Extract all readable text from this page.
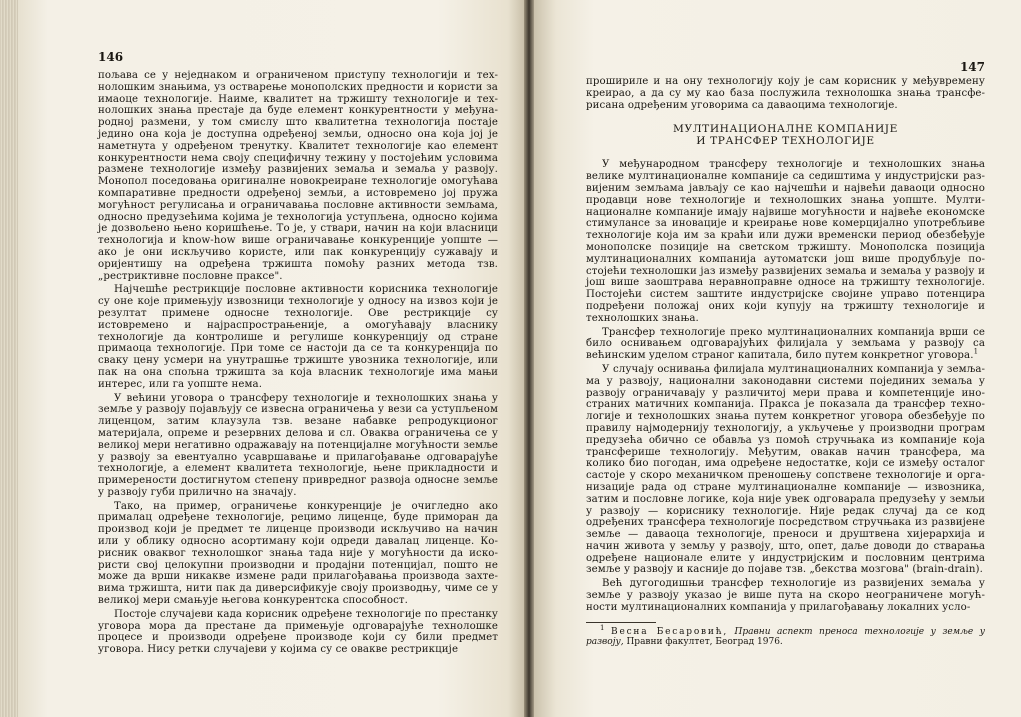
146

пољава се у неједнаком и ограниченом приступу технологији и технолошким знањима, уз остварење монополских предности и користи за имаоце технологије. Наиме, квалитет на тржишту технологије и технолошких знања престаје да буде елемент конкурентности у међународној размени, у том смислу што квалитетна технологија постаје једино она која је доступна одређеној земљи, односно она која јој је наметнута у одређеном тренутку. Квалитет технологије као елемент конкурентности нема своју специфичну тежину у постојећим условима размене технологије између развијених земаља и земаља у развоју. Монопол поседовања оригиналне новокреиране технологије омогућава компаративне предности одређеној земљи, а истовремено јој пружа могућност регулисања и ограничавања пословне активности земљама, односно предузећима којима је технологија уступљена, односно којима је дозвољено њено коришћење. То је, у ствари, начин на који власници технологија и know-how више ограничавање конкуренције уопште — ако је они искључиво користе, или пак конкуренцију сужавају и оријентишу на одређена тржишта помоћу разних метода тзв. „рестриктивне пословне праксе".

Најчешће рестрикције пословне активности корисника технологије су оне које примењују извозници технологије у односу на извоз који је резултат примене односне технологије. Ове рестрикције су истовремено и најраспрострањеније, а омогућавају власнику технологије да контролише и регулише конкуренцију од стране примаоца технологије. При томе се настоји да се та конкуренција по сваку цену усмери на унутрашње тржиште увозника технологије, или пак на она спољна тржишта за која власник технологије има мањи интерес, или га уопште нема.

У већини уговора о трансферу технологије и технолошких знања у земље у развоју појављују се извесна ограничења у вези са уступљеном лиценцом, затим клаузула тзв. везане набавке репродукционог материјала, опреме и резервних делова и сл. Оваква ограничења се у великој мери негативно одражавају на потенцијалне могућности земље у развоју за евентуално усавршавање и прилагођавање одговарајуће технологије, а елемент квалитета технологије, њене прикладности и примерености достигнутом степену привредног развоја односне земље у развоју губи прилично на значају.

Тако, на пример, ограничење конкуренције је очигледно ако прималац одређене технологије, рецимо лиценце, буде приморан да производ који је предмет те лиценце производи искључиво на начин или у облику односно асортиману који одреди давалац лиценце. Корисник оваквог технолошког знања тада није у могућности да искористи свој целокупни производни и продајни потенцијал, пошто не може да врши никакве измене ради прилагођавања производа захтевима тржишта, нити пак да диверсификује свoју производњу, чиме се у великој мери смањује његова конкурентска способност.

Постоје случајеви када корисник одређене технологије по престанку уговора мора да престане да примењује одговарајуће технолошке процесе и производи одређене производе који су били предмет уговора. Нису ретки случајеви у којима су се овакве рестрикције

147

прошириле и на ону технологију коју је сам корисник у међувремену креирао, а да су му као база послужила технолошка знања трансферисана одређеним уговорима са даваоцима технологије.

МУЛТИНАЦИОНАЛНЕ КОМПАНИЈЕ
И ТРАНСФЕР ТЕХНОЛОГИЈЕ

У међународном трансферу технологије и технолошких знања велике мултинационалне компаније са седиштима у индустријски развијеним земљама јављају се као најчешћи и највећи даваоци односно продавци нове технологије и технолошких знања уопште. Мултинационалне компаније имају највише могућности и највеће економске стимулансе за иновације и креирање нове комерцијално употребљиве технологије која им за краћи или дужи временски период обезбеђује монополске позиције на светском тржишту. Монополска позиција мултинационалних компанија аутоматски још више продубљује постојећи технолошки јаз између развијених земаља и земаља у развоју и још више заоштрава неравноправне односе на тржишту технологије. Постојећи систем заштите индустријске својине управо потенцира подређени положај оних који купују на тржишту технологије и технолошких знања.

Трансфер технологије преко мултинационалних компанија врши се било оснивањем одговарајућих филијала у земљама у развоју са већинским уделом страног капитала, било путем конкретног уговора.$^1$

У случају оснивања филијала мултинационалних компанија у земљама у развоју, национални законодавни системи појединих земаља у развоју ограничавају у различитој мери права и компетенције иностраних матичних компанија. Пракса је показала да трансфер технологије и технолошких знања путем конкретног уговора обезбеђује по правилу најмодернију технологију, а укључење у производни програм предузећа обично се обавља уз помоћ стручњака из компаније која трансферише технологију. Међутим, овакав начин трансфера, ма колико био погодан, има одређене недостатке, који се између осталог састоје у скоро механичком преношењу сопствене технологије и организације рада од стране мултинационалне компаније — извозника, затим и пословне логике, која није увек одговарала предузећу у земљи у развоју — кориснику технологије. Није редак случај да се код одређених трансфера технологије посредством стручњака из развијене земље — даваоца технологије, преноси и друштвена хијерархија и начин живота у земљу у развоју, што, опет, даље доводи до стварања одређене национале елите у индустријским и пословним центрима земље у развоју и касније до појаве тзв. „бекства мозгова" (brain-drain).

Већ дугогодишњи трансфер технологије из развијених земаља у земље у развоју указао је више пута на скоро неограничене могућности мултинационалних компанија у прилагођавању локалних усло-

$^1$ Весна Бесаровић, Правни аспект преноса технологије у земље у развоју, Правни факултет, Београд 1976.
